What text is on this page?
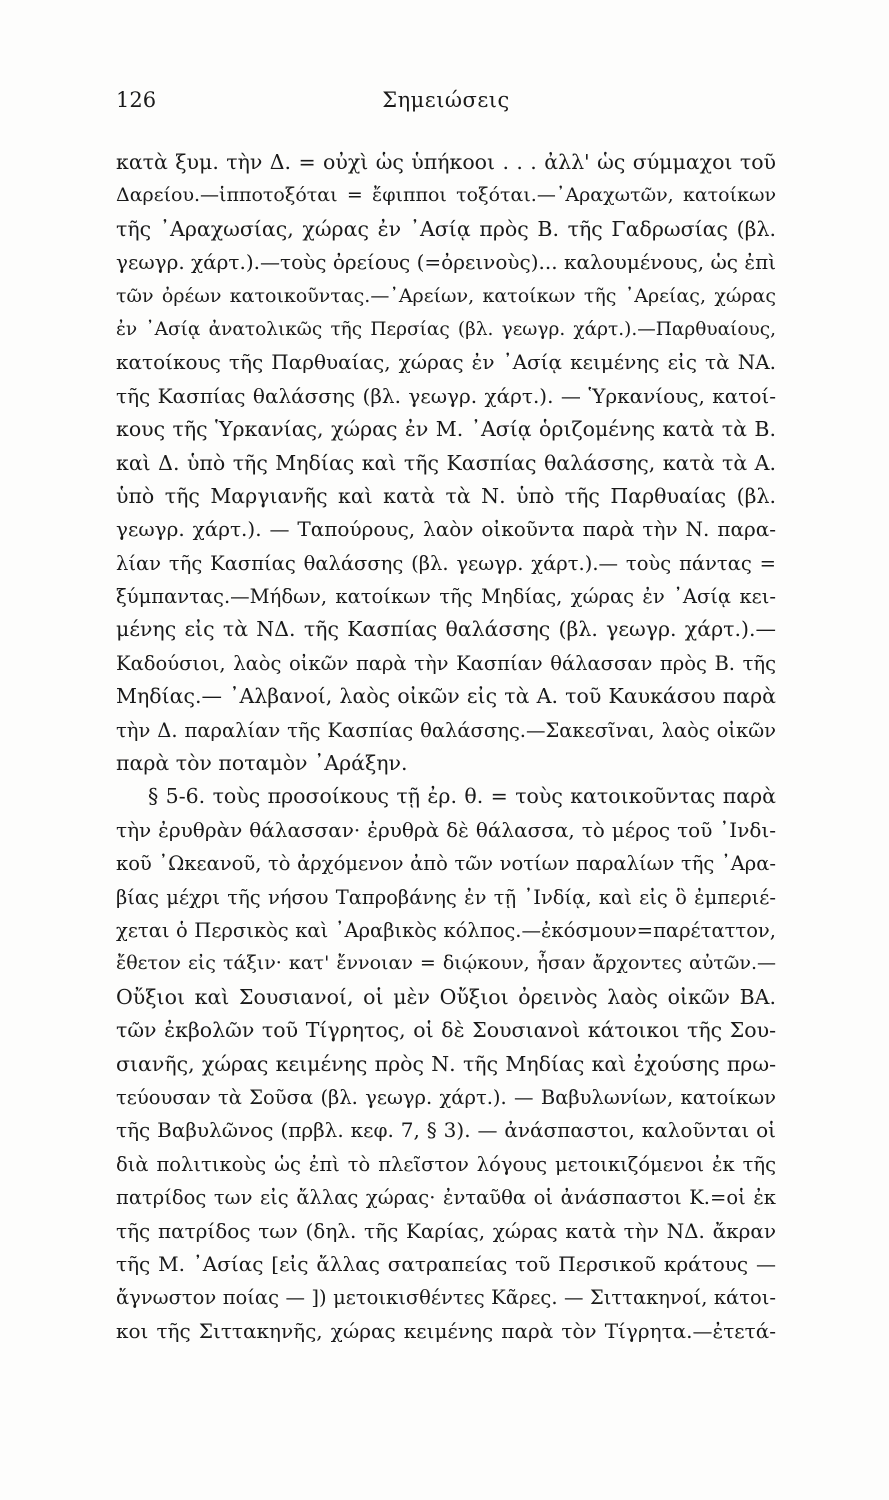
Σημειώσεις
126
κατὰ ξυμ. τὴν Δ. = οὐχὶ ὡς ὑπήκοοι . . . ἀλλ' ὡς σύμμαχοι τοῦ
Δαρείου.—ἱπποτοξόται = ἔφιπποι τοξόται.—᾿Αραχωτῶν, κατοίκων
τῆς ᾿Αραχωσίας, χώρας ἐν ᾿Ασίᾳ πρὸς Β. τῆς Γαδρωσίας (βλ.
γεωγρ. χάρτ.).—τοὺς ὀρείους (=ὀρεινοὺς)... καλουμένους, ὡς ἐπὶ
τῶν ὀρέων κατοικοῦντας.—᾿Αρείων, κατοίκων τῆς ᾿Αρείας, χώρας
ἐν ᾿Ασίᾳ ἀνατολικῶς τῆς Περσίας (βλ. γεωγρ. χάρτ.).—Παρθυαίους,
κατοίκους τῆς Παρθυαίας, χώρας ἐν ᾿Ασίᾳ κειμένης εἰς τὰ ΝΑ.
τῆς Κασπίας θαλάσσης (βλ. γεωγρ. χάρτ.). — Ὑρκανίους, κατοί-
κους τῆς Ὑρκανίας, χώρας ἐν Μ. ᾿Ασίᾳ ὁριζομένης κατὰ τὰ Β.
καὶ Δ. ὑπὸ τῆς Μηδίας καὶ τῆς Κασπίας θαλάσσης, κατὰ τὰ Α.
ὑπὸ τῆς Μαργιανῆς καὶ κατὰ τὰ Ν. ὑπὸ τῆς Παρθυαίας (βλ.
γεωγρ. χάρτ.). — Ταπούρους, λαὸν οἰκοῦντα παρὰ τὴν Ν. παρα-
λίαν τῆς Κασπίας θαλάσσης (βλ. γεωγρ. χάρτ.).— τοὺς πάντας =
ξύμπαντας.—Μήδων, κατοίκων τῆς Μηδίας, χώρας ἐν ᾿Ασίᾳ κει-
μένης εἰς τὰ ΝΔ. τῆς Κασπίας θαλάσσης (βλ. γεωγρ. χάρτ.).—
Καδούσιοι, λαὸς οἰκῶν παρὰ τὴν Κασπίαν θάλασσαν πρὸς Β. τῆς
Μηδίας.— ᾿Αλβανοί, λαὸς οἰκῶν εἰς τὰ Α. τοῦ Καυκάσου παρὰ
τὴν Δ. παραλίαν τῆς Κασπίας θαλάσσης.—Σακεσῖναι, λαὸς οἰκῶν
παρὰ τὸν ποταμὸν ᾿Αράξην.
§ 5-6. τοὺς προσοίκους τῇ ἐρ. θ. = τοὺς κατοικοῦντας παρὰ
τὴν ἐρυθρὰν θάλασσαν· ἐρυθρὰ δὲ θάλασσα, τὸ μέρος τοῦ ᾿Ινδι-
κοῦ ᾿Ωκεανοῦ, τὸ ἀρχόμενον ἀπὸ τῶν νοτίων παραλίων τῆς ᾿Αρα-
βίας μέχρι τῆς νήσου Ταπροβάνης ἐν τῇ ᾿Ινδίᾳ, καὶ εἰς ὃ ἐμπεριέ-
χεται ὁ Περσικὸς καὶ ᾿Αραβικὸς κόλπος.—ἐκόσμουν=παρέταττον,
ἔθετον εἰς τάξιν· κατ' ἔννοιαν = διῴκουν, ἦσαν ἄρχοντες αὐτῶν.—
Οὔξιοι καὶ Σουσιανοί, οἱ μὲν Οὔξιοι ὀρεινὸς λαὸς οἰκῶν ΒΑ.
τῶν ἐκβολῶν τοῦ Τίγρητος, οἱ δὲ Σουσιανοὶ κάτοικοι τῆς Σου-
σιανῆς, χώρας κειμένης πρὸς Ν. τῆς Μηδίας καὶ ἐχούσης πρω-
τεύουσαν τὰ Σοῦσα (βλ. γεωγρ. χάρτ.). — Βαβυλωνίων, κατοίκων
τῆς Βαβυλῶνος (πρβλ. κεφ. 7, § 3). — ἀνάσπαστοι, καλοῦνται οἱ
διὰ πολιτικοὺς ὡς ἐπὶ τὸ πλεῖστον λόγους μετοικιζόμενοι ἐκ τῆς
πατρίδος των εἰς ἄλλας χώρας· ἐνταῦθα οἱ ἀνάσπαστοι Κ.=οἱ ἐκ
τῆς πατρίδος των (δηλ. τῆς Καρίας, χώρας κατὰ τὴν ΝΔ. ἄκραν
τῆς Μ. ᾿Ασίας [εἰς ἄλλας σατραπείας τοῦ Περσικοῦ κράτους —
ἄγνωστον ποίας — ]) μετοικισθέντες Κᾶρες. — Σιττακηνοί, κάτοι-
κοι τῆς Σιττακηνῆς, χώρας κειμένης παρὰ τὸν Τίγρητα.—ἐτετά-
